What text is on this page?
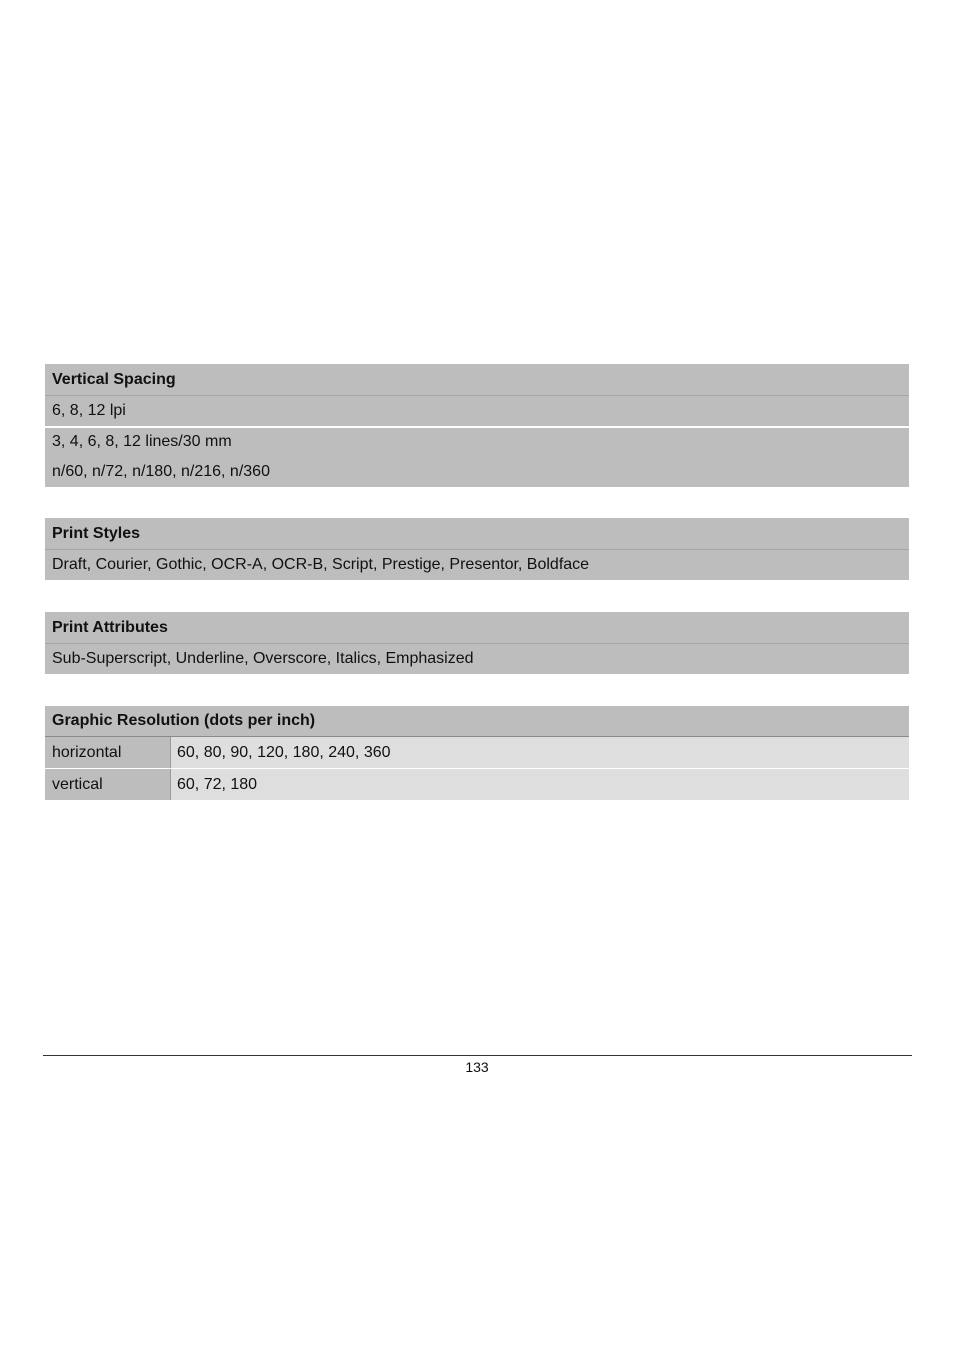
Vertical Spacing
6, 8, 12 lpi
3, 4, 6, 8, 12 lines/30 mm
n/60, n/72, n/180, n/216, n/360
Print Styles
Draft, Courier, Gothic, OCR-A, OCR-B, Script, Prestige, Presentor, Boldface
Print Attributes
Sub-Superscript, Underline, Overscore, Italics, Emphasized
Graphic Resolution (dots per inch)
horizontal	60, 80, 90, 120, 180, 240, 360
vertical	60, 72, 180
133
